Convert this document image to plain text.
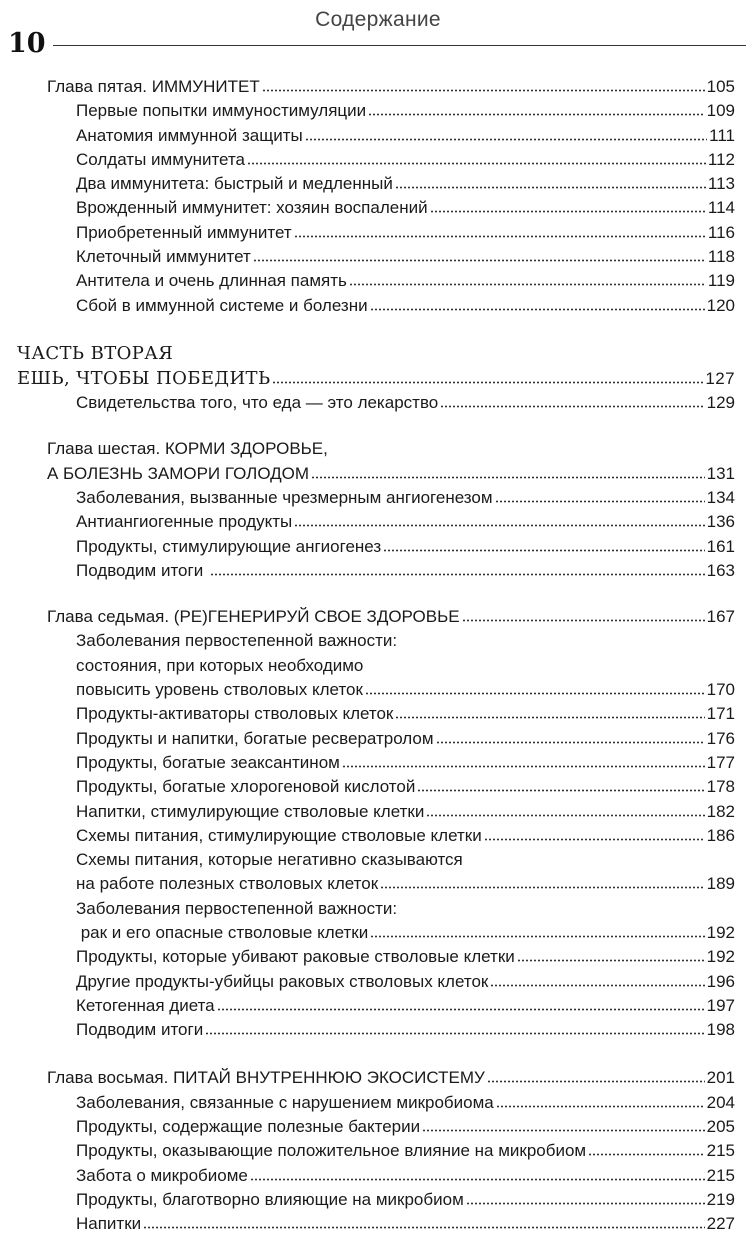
Содержание
10
Глава пятая. ИММУНИТЕТ	105
Первые попытки иммуностимуляции	109
Анатомия иммунной защиты	111
Солдаты иммунитета	112
Два иммунитета: быстрый и медленный	113
Врожденный иммунитет: хозяин воспалений	114
Приобретенный иммунитет	116
Клеточный иммунитет	118
Антитела и очень длинная память	119
Сбой в иммунной системе и болезни	120
ЧАСТЬ ВТОРАЯ
ЕШЬ, ЧТОБЫ ПОБЕДИТЬ	127
Свидетельства того, что еда — это лекарство	129
Глава шестая. КОРМИ ЗДОРОВЬЕ,
А БОЛЕЗНЬ ЗАМОРИ ГОЛОДОМ	131
Заболевания, вызванные чрезмерным ангиогенезом	134
Антиангиогенные продукты	136
Продукты, стимулирующие ангиогенез	161
Подводим итоги	163
Глава седьмая. (РЕ)ГЕНЕРИРУЙ СВОЕ ЗДОРОВЬЕ	167
Заболевания первостепенной важности:
состояния, при которых необходимо
повысить уровень стволовых клеток	170
Продукты-активаторы стволовых клеток	171
Продукты и напитки, богатые ресвератролом	176
Продукты, богатые зеаксантином	177
Продукты, богатые хлорогеновой кислотой	178
Напитки, стимулирующие стволовые клетки	182
Схемы питания, стимулирующие стволовые клетки	186
Схемы питания, которые негативно сказываются
на работе полезных стволовых клеток	189
Заболевания первостепенной важности:
рак и его опасные стволовые клетки	192
Продукты, которые убивают раковые стволовые клетки	192
Другие продукты-убийцы раковых стволовых клеток	196
Кетогенная диета	197
Подводим итоги	198
Глава восьмая. ПИТАЙ ВНУТРЕННЮЮ ЭКОСИСТЕМУ	201
Заболевания, связанные с нарушением микробиома	204
Продукты, содержащие полезные бактерии	205
Продукты, оказывающие положительное влияние на микробиом	215
Забота о микробиоме	215
Продукты, благотворно влияющие на микробиом	219
Напитки	227
